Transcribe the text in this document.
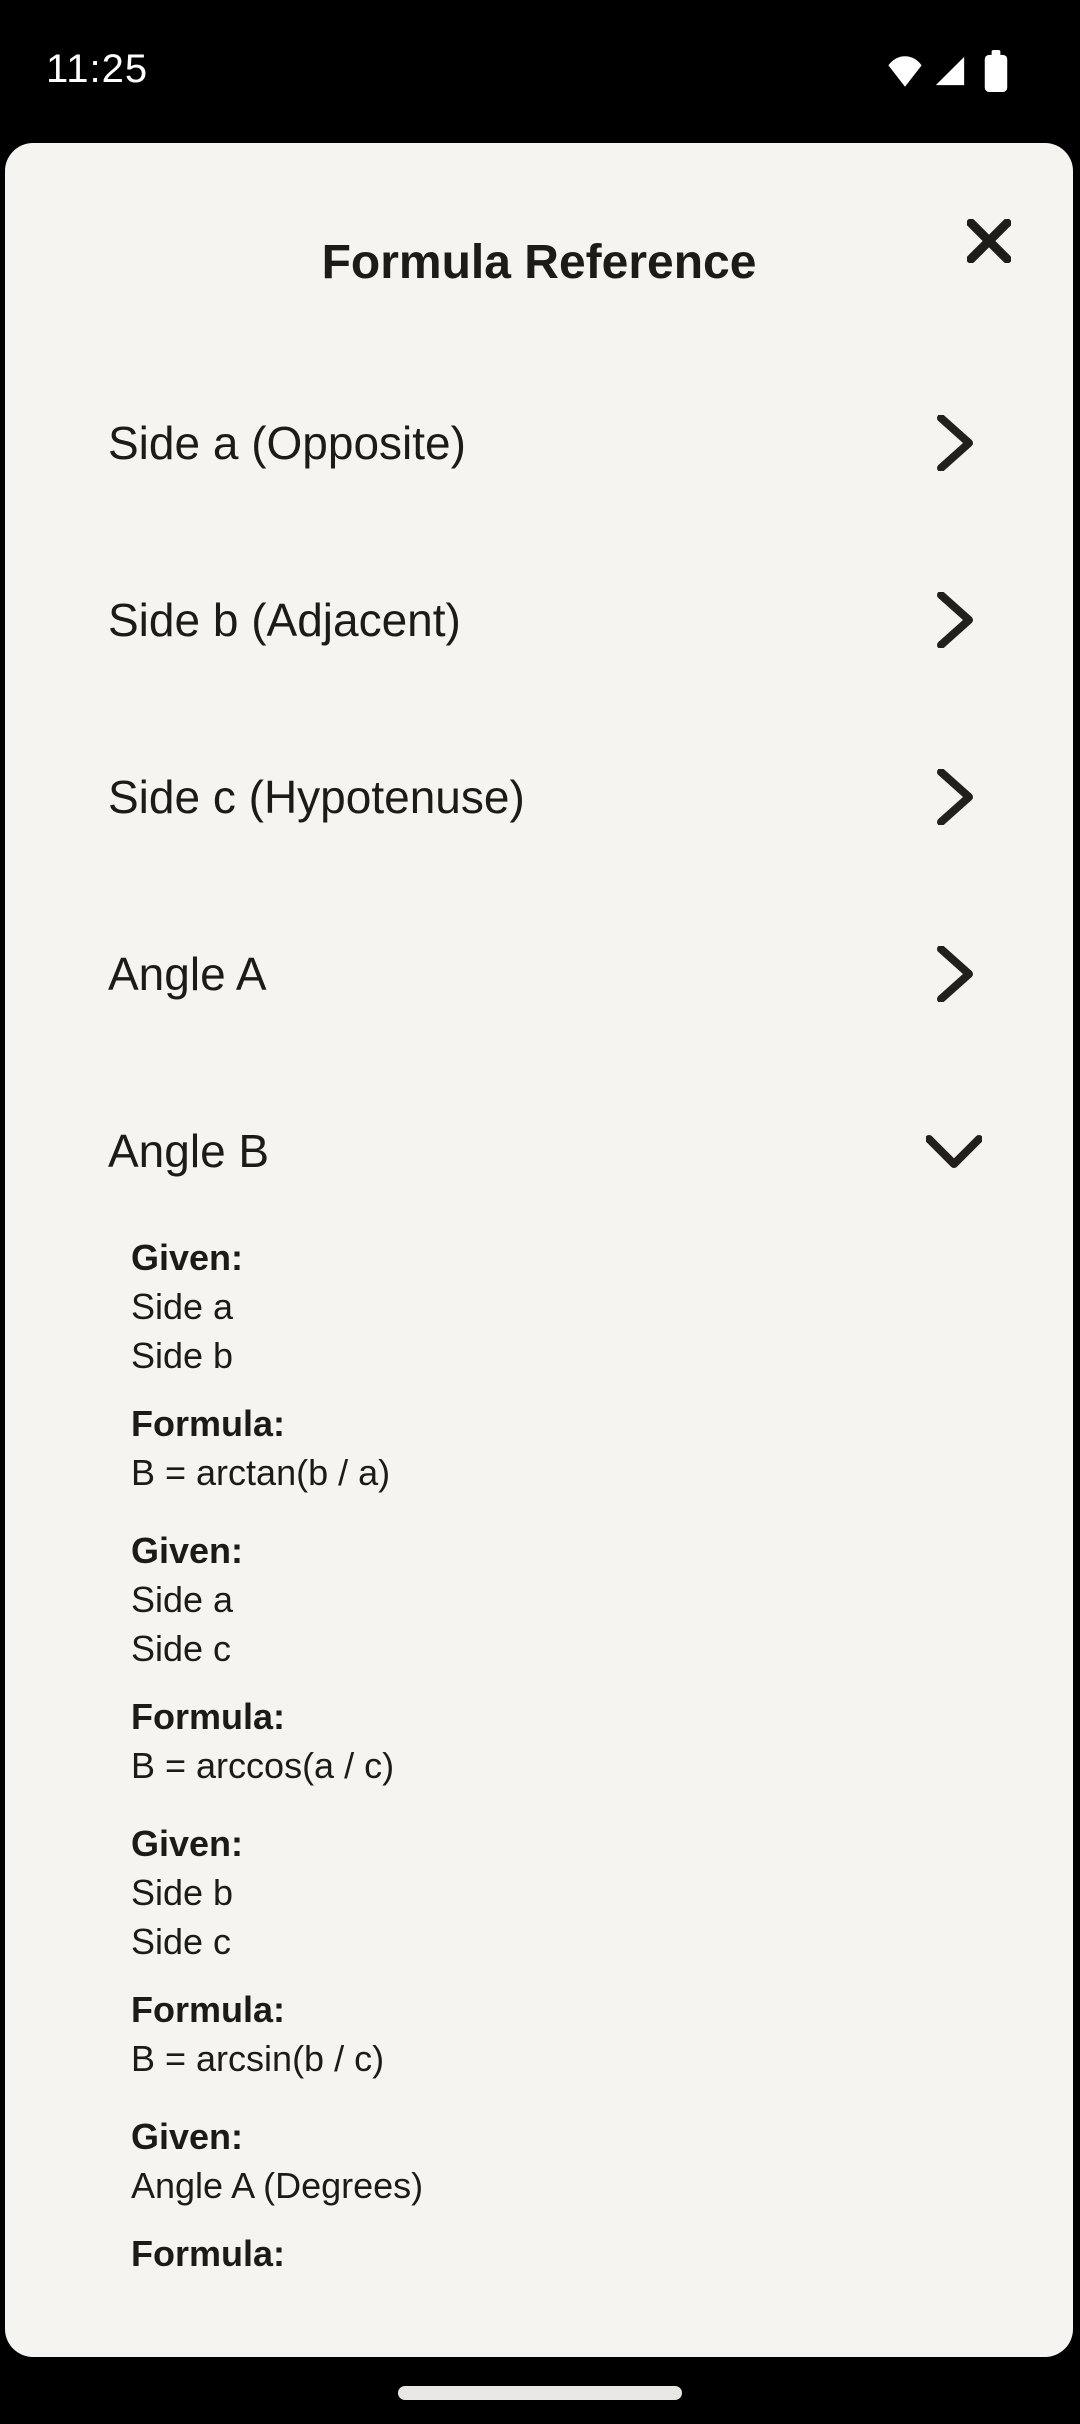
11:25
Formula Reference
Side a (Opposite)
Side b (Adjacent)
Side c (Hypotenuse)
Angle A
Angle B

Given:
Side a
Side b

Formula:
B = arctan(b / a)

Given:
Side a
Side c

Formula:
B = arccos(a / c)

Given:
Side b
Side c

Formula:
B = arcsin(b / c)

Given:
Angle A (Degrees)

Formula:
